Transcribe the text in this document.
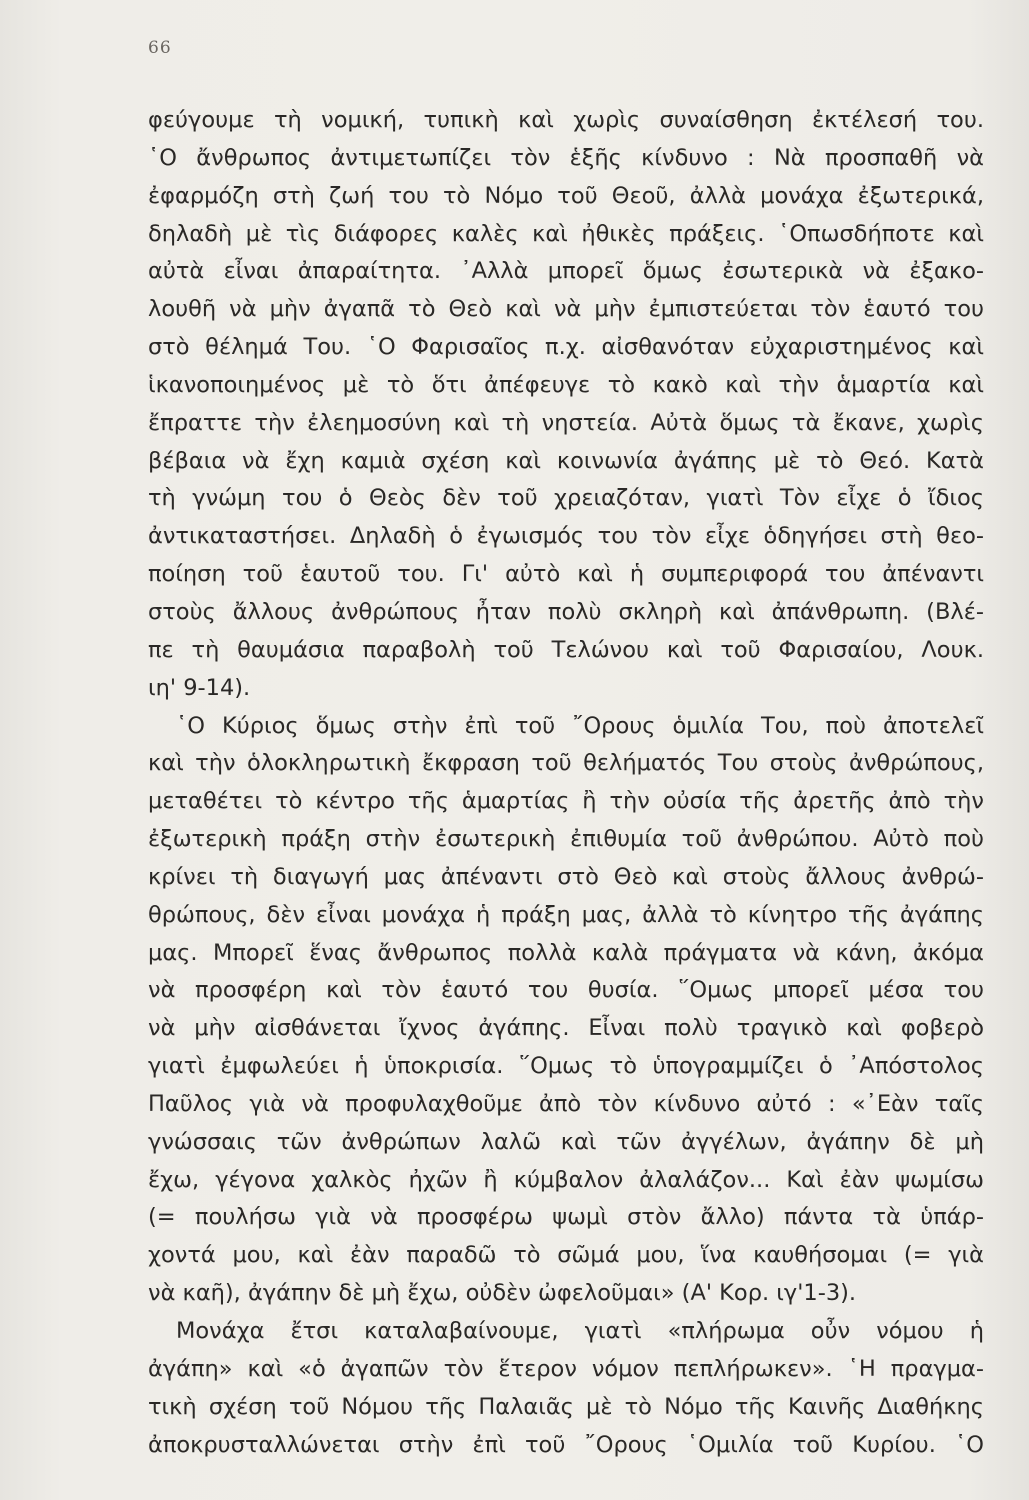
66
φεύγουμε τὴ νομική, τυπικὴ καὶ χωρὶς συναίσθηση ἐκτέλεσή του.
῾Ο ἄνθρωπος ἀντιμετωπίζει τὸν ἑξῆς κίνδυνο : Νὰ προσπαθῆ νὰ
ἐφαρμόζη στὴ ζωή του τὸ Νόμο τοῦ Θεοῦ, ἀλλὰ μονάχα ἐξωτερικά,
δηλαδὴ μὲ τὶς διάφορες καλὲς καὶ ἠθικὲς πράξεις. ῾Οπωσδήποτε καὶ
αὐτὰ εἶναι ἀπαραίτητα. ᾿Αλλὰ μπορεῖ ὅμως ἐσωτερικὰ νὰ ἐξακο-
λουθῆ νὰ μὴν ἀγαπᾶ τὸ Θεὸ καὶ νὰ μὴν ἐμπιστεύεται τὸν ἑαυτό του
στὸ θέλημά Του. ῾Ο Φαρισαῖος π.χ. αἰσθανόταν εὐχαριστημένος καὶ
ἱκανοποιημένος μὲ τὸ ὅτι ἀπέφευγε τὸ κακὸ καὶ τὴν ἁμαρτία καὶ
ἔπραττε τὴν ἐλεημοσύνη καὶ τὴ νηστεία. Αὐτὰ ὅμως τὰ ἔκανε, χωρὶς
βέβαια νὰ ἔχη καμιὰ σχέση καὶ κοινωνία ἀγάπης μὲ τὸ Θεό. Κατὰ
τὴ γνώμη του ὁ Θεὸς δὲν τοῦ χρειαζόταν, γιατὶ Τὸν εἶχε ὁ ἴδιος
ἀντικαταστήσει. Δηλαδὴ ὁ ἐγωισμός του τὸν εἶχε ὁδηγήσει στὴ θεο-
ποίηση τοῦ ἑαυτοῦ του. Γι' αὐτὸ καὶ ἡ συμπεριφορά του ἀπέναντι
στοὺς ἄλλους ἀνθρώπους ἦταν πολὺ σκληρὴ καὶ ἀπάνθρωπη. (Βλέ-
πε τὴ θαυμάσια παραβολὴ τοῦ Τελώνου καὶ τοῦ Φαρισαίου, Λουκ.
ιη' 9-14).
῾Ο Κύριος ὅμως στὴν ἐπὶ τοῦ ῎Ορους ὁμιλία Του, ποὺ ἀποτελεῖ
καὶ τὴν ὁλοκληρωτικὴ ἔκφραση τοῦ θελήματός Του στοὺς ἀνθρώπους,
μεταθέτει τὸ κέντρο τῆς ἁμαρτίας ἢ τὴν οὐσία τῆς ἀρετῆς ἀπὸ τὴν
ἐξωτερικὴ πράξη στὴν ἐσωτερικὴ ἐπιθυμία τοῦ ἀνθρώπου. Αὐτὸ ποὺ
κρίνει τὴ διαγωγή μας ἀπέναντι στὸ Θεὸ καὶ στοὺς ἄλλους ἀνθρώ-
θρώπους, δὲν εἶναι μονάχα ἡ πράξη μας, ἀλλὰ τὸ κίνητρο τῆς ἀγάπης
μας. Μπορεῖ ἕνας ἄνθρωπος πολλὰ καλὰ πράγματα νὰ κάνη, ἀκόμα
νὰ προσφέρη καὶ τὸν ἑαυτό του θυσία. ῞Ομως μπορεῖ μέσα του
νὰ μὴν αἰσθάνεται ἴχνος ἀγάπης. Εἶναι πολὺ τραγικὸ καὶ φοβερὸ
γιατὶ ἐμφωλεύει ἡ ὑποκρισία. ῞Ομως τὸ ὑπογραμμίζει ὁ ᾿Απόστολος
Παῦλος γιὰ νὰ προφυλαχθοῦμε ἀπὸ τὸν κίνδυνο αὐτό : «᾿Εὰν ταῖς
γνώσσαις τῶν ἀνθρώπων λαλῶ καὶ τῶν ἀγγέλων, ἀγάπην δὲ μὴ
ἔχω, γέγονα χαλκὸς ἠχῶν ἢ κύμβαλον ἀλαλάζον... Καὶ ἐὰν ψωμίσω
(= πουλήσω γιὰ νὰ προσφέρω ψωμὶ στὸν ἄλλο) πάντα τὰ ὑπάρ-
χοντά μου, καὶ ἐὰν παραδῶ τὸ σῶμά μου, ἵνα καυθήσομαι (= γιὰ
νὰ καῆ), ἀγάπην δὲ μὴ ἔχω, οὐδὲν ὠφελοῦμαι» (Α' Κορ. ιγ'1-3).
Μονάχα ἔτσι καταλαβαίνουμε, γιατὶ «πλήρωμα οὖν νόμου ἡ
ἀγάπη» καὶ «ὁ ἀγαπῶν τὸν ἕτερον νόμον πεπλήρωκεν». ῾Η πραγμα-
τικὴ σχέση τοῦ Νόμου τῆς Παλαιᾶς μὲ τὸ Νόμο τῆς Καινῆς Διαθήκης
ἀποκρυσταλλώνεται στὴν ἐπὶ τοῦ ῎Ορους ῾Ομιλία τοῦ Κυρίου. ῾Ο
